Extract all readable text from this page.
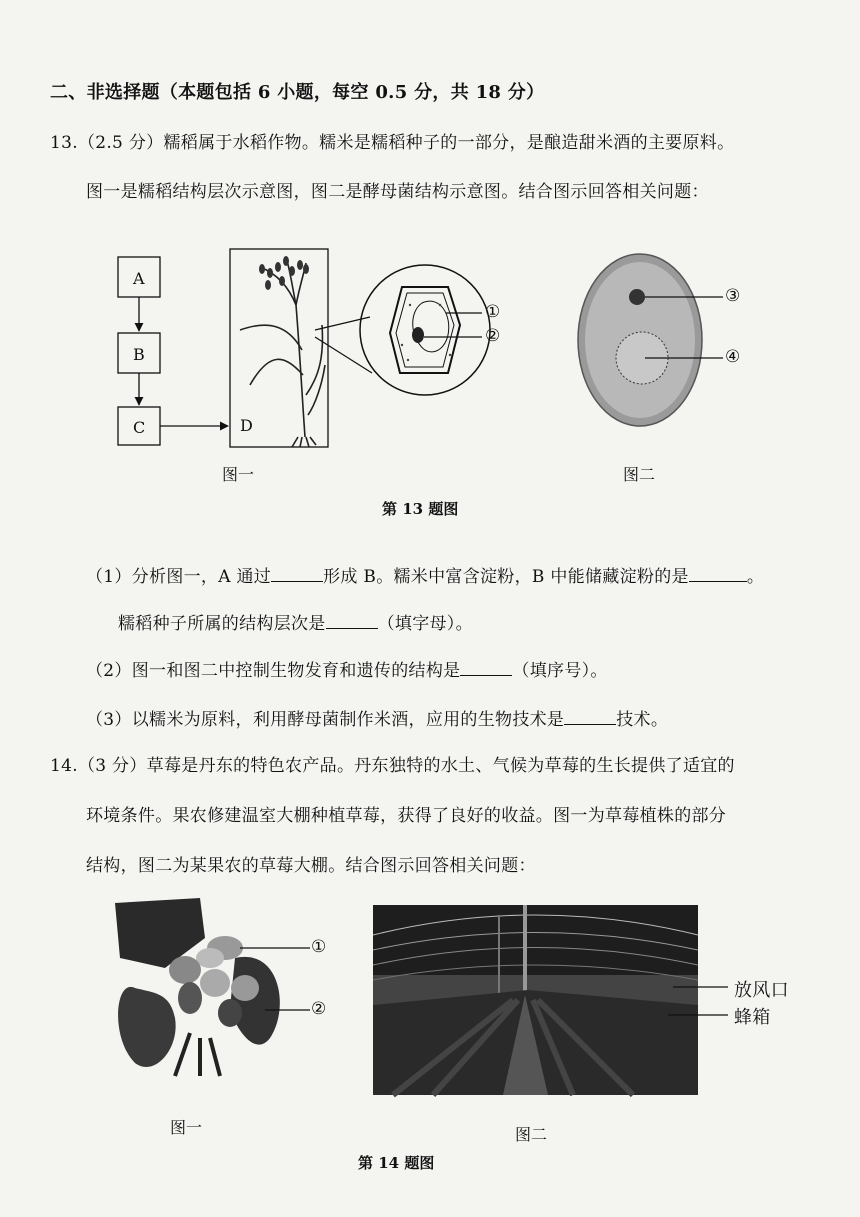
二、非选择题（本题包括 6 小题，每空 0.5 分，共 18 分）
13.（2.5 分）糯稻属于水稻作物。糯米是糯稻种子的一部分，是酿造甜米酒的主要原料。
图一是糯稻结构层次示意图，图二是酵母菌结构示意图。结合图示回答相关问题：
A
B
C	D
①
②
③
④
图一	图二
第 13 题图
（1）分析图一，A 通过	形成 B。糯米中富含淀粉，B 中能储藏淀粉的是	。
糯稻种子所属的结构层次是	（填字母）。
（2）图一和图二中控制生物发育和遗传的结构是	（填序号）。
（3）以糯米为原料，利用酵母菌制作米酒，应用的生物技术是	技术。
14.（3 分）草莓是丹东的特色农产品。丹东独特的水土、气候为草莓的生长提供了适宜的
环境条件。果农修建温室大棚种植草莓，获得了良好的收益。图一为草莓植株的部分
结构，图二为某果农的草莓大棚。结合图示回答相关问题：
①
②
放风口
蜂箱
图一	图二
第 14 题图
